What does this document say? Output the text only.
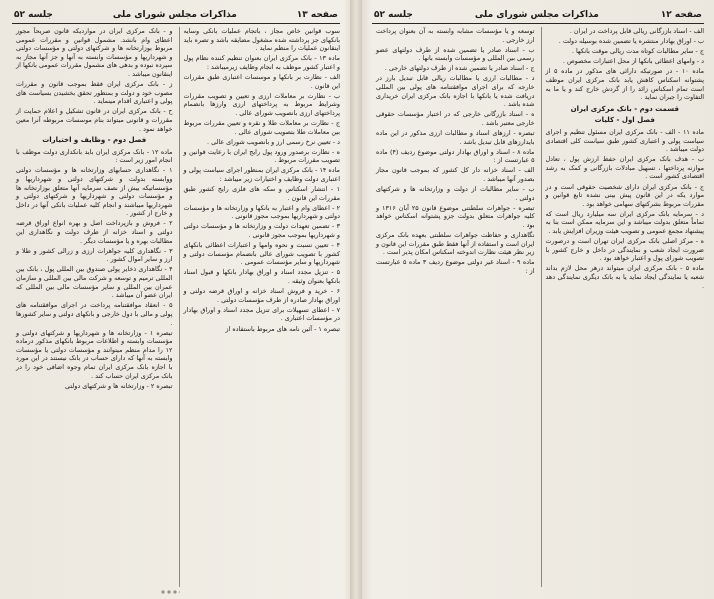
صفحه ۱۳
مذاکرات مجلس شورای ملی
جلسه ۵۲

سوب قوانین خاص مجاز ، باتجام عملیات بانکی وسایه بانکهای جز پرداشته شده مشغول مضایقه باشد و تصره باید اینقانون عملیات را منظم نماید .

ماده ۱۳ - بانک مرکزی ایران بعنوان تنظیم کننده نظام پول و اعتبار کشور موظف به انجام وظایف زیرمیباشد :

الف - نظارت بر بانکها و موسسات اعتباری طبق مقررات این قانون .

ب - نظارت بر معاملات ارزی و تعیین و تصویب مقررات وشرایط مربوط به پرداختهای ارزی وارزها بانضمام پرداختهای ارزی بانصویب شورای عالی .

ج - نظارت بر معاملات طلا و نقره و تعیین مقررات مربوط بین معاملات طلا بتصویب شورای عالی .

د - تعیین نرخ رسمی ارز و بانصویب شورای عالی .

ه - نظارت برصدور ورود پول رایج ایران با رعایت قوانین و تصویب مقررات مربوط .

ماده ۱۴ - بانک مرکزی ایران بمنظور اجرای سیاست پولی و اعتباری دولت وظایف و اختیارات زیر میباشد :

۱ - انتشار اسکناس و سکه های فلزی رایج کشور طبق مقررات این قانون .

۲ - اعطای وام و اعتبار به بانکها و وزارتخانه ها و مؤسسات دولتی و شهرداریها بموجب مجوز قانونی .

۳ - تضمین تعهدات دولت و وزارتخانه ها و مؤسسات دولتی و شهرداریها بموجب مجوز قانونی .

۴ - تعیین نسبت و نحوه وامها و اعتبارات اعطائی بانکهای کشور با تصویب شورای عالی بانضمام مؤسسات دولتی و شهرداریها و سایر مؤسسات عمومی .

۵ - تنزیل مجدد اسناد و اوراق بهادار بانکها و قبول اسناد بانکها بعنوان وثیقه .

۶ - خرید و فروش اسناد خزانه و اوراق قرضه دولتی و اوراق بهادار صادره از طرف مؤسسات دولتی .

۷ - اعطای تسهیلات برای تنزیل مجدد اسناد و اوراق بهادار در مؤسسات اعتباری .

تبصره ۱ - آئین نامه های مربوط باستفاده از

و - بانک مرکزی ایران در مواردیکه قانون صریحاً مجوز اعطای وام بانشد. مشمول قوانین و مقررات عمومی مربوط بوزارتخانه ها و شرکتهای دولتی و مؤسسات دولتی و شهرداریها و مؤسسات وابسته به آنها و جز آنها مجاز به سپرده نبوده و بدهی های مشمول مقررات عمومی بانکها از اینقانون میباشد .

ز - بانک مرکزی ایران فقط بموجب قانون و مقررات مصوب خود و دولت و بمنظور تحقق بخشیدن بسیاست های پولی و اعتباری اقدام مینماید .

ح - بانک مرکزی ایران در قانون تشکیل و اعلام حمایت از مقررات و قانونی میتواند بنام موسسات مربوطه آنرا معین خواهد نمود .

فصل دوم - وظایف و اختیارات

ماده ۱۲ - بانک مرکزی ایران باید بانکداری دولت موظف با انجام امور زیر است :

۱ - نگاهداری حسابهای وزارتخانه ها و مؤسسات دولتی ووابسته بدولت و شرکتهای دولتی و شهرداریها و مؤسساتیکه بیش از نصف سرمایه آنها متعلق بوزارتخانه ها و مؤسسات دولتی و شهرداریها و شرکتهای دولتی و شهرداریها میباشند و انجام کلیه عملیات بانکی آنها در داخل و خارج از کشور .

۲ - فروش و بازپرداخت اصل و بهره انواع اوراق قرضه دولتی و اسناد خزانه از طرف دولت و نگاهداری این مطالبات بهره و یا مؤسسات دیگر .

۳ - نگاهداری کلیه جواهرات ارزی و زرالی کشور و طلا و ارز و سایر اموال کشور .

۴ - نگاهداری ذخایر پولی صندوق بین المللی پول ، بانک بین المللی ترمیم و توسعه و شرکت مالی بین المللی و سازمان عمران بین المللی و سایر مؤسسات مالی بین المللی که ایران عضو آن میباشد .

۵ - انعقاد موافقتنامه پرداخت در اجرای موافقتنامه های پولی و مالی با دول خارجی و بانکهای دولتی و سایر کشورها .

تبصره ۱ - وزارتخانه ها و شهرداریها و شرکتهای دولتی و مؤسسات وابسته و اطلاعات مربوط بانکهای مذکور درماده ۱۲ را مدام منظم میتوانند و مؤسسات دولتی یا مؤسسات وابسته به آنها که دارای حساب در بانک نیستند در این مورد با اجازه بانک مرکزی ایران تمام وجوه اضافی خود را در بانک مرکزی ایران حساب کند .

تبصره ۲ - وزارتخانه ها و شرکتهای دولتی

صفحه ۱۲
مذاکرات مجلس شورای ملی
جلسه ۵۲

الف - اسناد بازرگانی ریالی قابل پرداخت در ایران .

ب - اوراق بهادار منتشره یا تضمین شده بوسیله دولت .

ج - سایر مطالبات کوتاه مدت ریالی موقت بانکها .

د - وامهای اعطائی بانکها از محل اعتبارات مخصوص .

ماده ۱۰ - در صورتیکه دارائی های مذکور در ماده ۵ از پشتوانه اسکناس کاهش یابد بانک مرکزی ایران موظف است تمام اسکناس زائد را از گردش خارج کند و یا ما به التفاوت را جبران نماید .

قسمت دوم - بانک مرکزی ایران

فصل اول - کلیات

ماده ۱۱ - الف - بانک مرکزی ایران مسئول تنظیم و اجرای سیاست پولی و اعتباری کشور طبق سیاست کلی اقتصادی دولت میباشد .

ب - هدف بانک مرکزی ایران حفظ ارزش پول ، تعادل موازنه پرداختها ، تسهیل مبادلات بازرگانی و کمک به رشد اقتصادی کشور است .

ج - بانک مرکزی ایران دارای شخصیت حقوقی است و در موارد یکه در این قانون پیش بینی نشده تابع قوانین و مقررات مربوط بشرکتهای سهامی خواهد بود .

د - سرمایه بانک مرکزی ایران سه میلیارد ریال است که تماماً متعلق بدولت میباشد و این سرمایه ممکن است بنا به پیشنهاد مجمع عمومی و تصویب هیئت وزیران افزایش یابد .

ه - مرکز اصلی بانک مرکزی ایران تهران است و درصورت ضرورت ایجاد شعب و نمایندگی در داخل و خارج کشور با تصویب شورای پول و اعتبار خواهد بود .

ماده ۵ - بانک مرکزی ایران میتواند درهر محل لازم بداند شعبه یا نمایندگی ایجاد نماید یا به بانک دیگری نمایندگی دهد .

توسعه و یا مؤسسات مشابه وابسته به آن بعنوان پرداخت ارز خارجی .

ب - اسناد صادر یا تضمین شده از طرف دولتهای عضو رسمی بین المللی و مؤسسات وابسته بانها .

ج - اسناد صادر یا تضمین شده از طرف دولتهای خارجی .

د - مطالبات ارزی یا مطالبات ریالی قابل تبدیل بارز در خارجه که برای اجرای موافقتنامه های پولی بین المللی دریافت شده یا بانکها با اجازه بانک مرکزی ایران خریداری شده باشد .

ه - اسناد بازرگانی خارجی که در اختیار مؤسسات حقوقی خارجی معتبر باشد .

تبصره - ارزهای اسناد و مطالبات ارزی مذکور در این ماده بایدارزهای قابل تبدیل باشد .

ماده ۸ - اسناد و اوراق بهادار دولتی موضوع ردیف (۴) ماده ۵ عبارتست از :

الف - اسناد خزانه دار کل کشور که بموجب قانون مجاز بصدور آنها میباشد .

ب - سایر مطالبات از دولت و وزارتخانه ها و شرکتهای دولتی .

تبصره - جواهرات سلطنتی موضوع قانون ۲۵ آبان ۱۳۱۶ و کلیه جواهرات متعلق بدولت جزو پشتوانه اسکناس خواهد بود .

نگاهداری و حفاظت جواهرات سلطنتی بعهده بانک مرکزی ایران است و استفاده از آنها فقط طبق مقررات این قانون و زیر نظر هیئت نظارت اندوخته اسکناس امکان پذیر است .

ماده ۹ - اسناد غیر دولتی موضوع ردیف ۳ ماده ۵ عبارتست از :
